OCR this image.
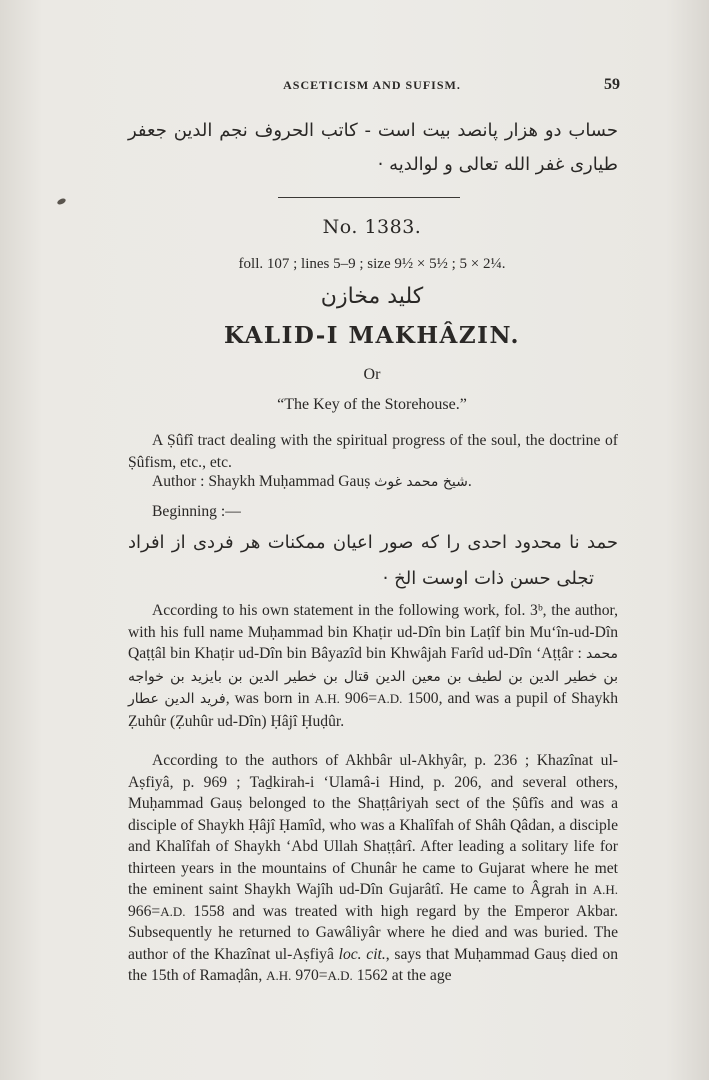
ASCETICISM AND SUFISM.	59
حساب دو هزار پانصد بیت است - کاتب الحروف نجم الدین جعفر
طیاری غفر الله تعالی و لوالدیه ⋅
No. 1383.
foll. 107 ; lines 5–9 ; size 9½ × 5½ ; 5 × 2¼.
کلید مخازن
KALID-I MAKHÂZIN.
Or
“The Key of the Storehouse.”

A Ṣûfî tract dealing with the spiritual progress of the soul, the doctrine of Ṣûfism, etc., etc.

Author : Shaykh Muḥammad Gauṣ شیخ محمد غوث.

Beginning :—

حمد نا محدود احدی را که صور اعیان ممکنات هر فردی از افراد
تجلی حسن ذات اوست الخ ⋅

According to his own statement in the following work, fol. 3ᵇ, the author, with his full name Muḥammad bin Khaṭir ud-Dîn bin Laṭîf bin Mu‘în-ud-Dîn Qaṭṭâl bin Khaṭir ud-Dîn bin Bâyazîd bin Khwâjah Farîd ud-Dîn ‘Aṭṭâr : محمد بن خطیر الدین بن لطیف بن معین الدین قتال بن خطیر الدین بن بایزید بن خواجه فرید الدین عطار, was born in A.H. 906=A.D. 1500, and was a pupil of Shaykh Ẓuhûr (Ẓuhûr ud-Dîn) Ḥâjî Ḥuḍûr.

According to the authors of Akhbâr ul-Akhyâr, p. 236 ; Khazînat ul-Aṣfiyâ, p. 969 ; Taḏkirah-i ‘Ulamâ-i Hind, p. 206, and several others, Muḥammad Gauṣ belonged to the Shaṭṭâriyah sect of the Ṣûfîs and was a disciple of Shaykh Ḥâjî Ḥamîd, who was a Khalîfah of Shâh Qâdan, a disciple and Khalîfah of Shaykh ‘Abd Ullah Shaṭṭârî. After leading a solitary life for thirteen years in the mountains of Chunâr he came to Gujarat where he met the eminent saint Shaykh Wajîh ud-Dîn Gujarâtî. He came to Âgrah in A.H. 966=A.D. 1558 and was treated with high regard by the Emperor Akbar. Subsequently he returned to Gawâliyâr where he died and was buried. The author of the Khazînat ul-Aṣfiyâ loc. cit., says that Muḥammad Gauṣ died on the 15th of Ramaḍân, A.H. 970=A.D. 1562 at the age
